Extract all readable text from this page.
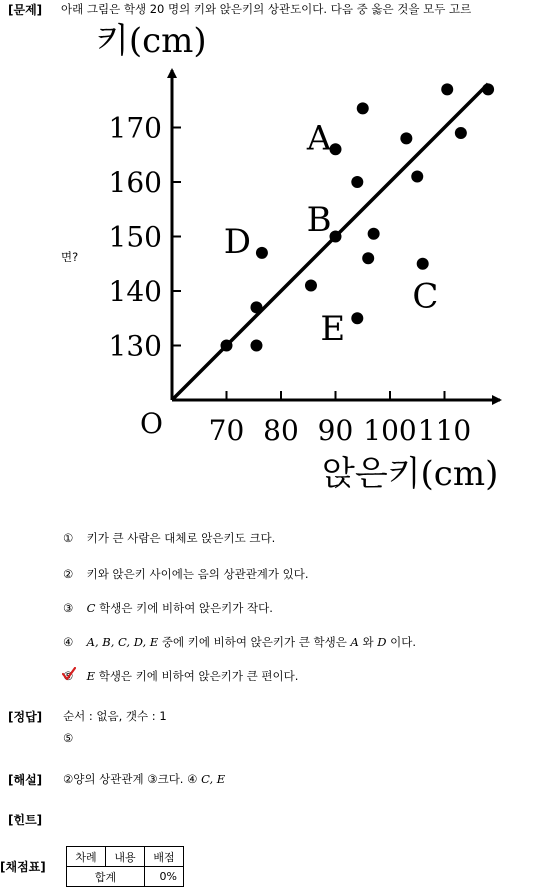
[문제] 아래 그림은 학생 20 명의 키와 앉은키의 상관도이다. 다음 중 옳은 것을 모두 고르
면?
70 80 90 100 110
130
140
150
160
170	A
B
C
D
E
키(cm)
앉은키(cm)
O
① 키가 큰 사람은 대체로 앉은키도 크다.
② 키와 앉은키 사이에는 음의 상관관계가 있다.
③ C 학생은 키에 비하여 앉은키가 작다.
④ A, B, C, D, E 중에 키에 비하여 앉은키가 큰 학생은 A 와 D 이다.
⑤ E 학생은 키에 비하여 앉은키가 큰 편이다.
[정답] 순서 : 없음, 갯수 : 1
⑤
[해설] ②양의 상관관계 ③크다. ④ C, E
[힌트]
[채점표]
차례	내용	배점
합계		0%
